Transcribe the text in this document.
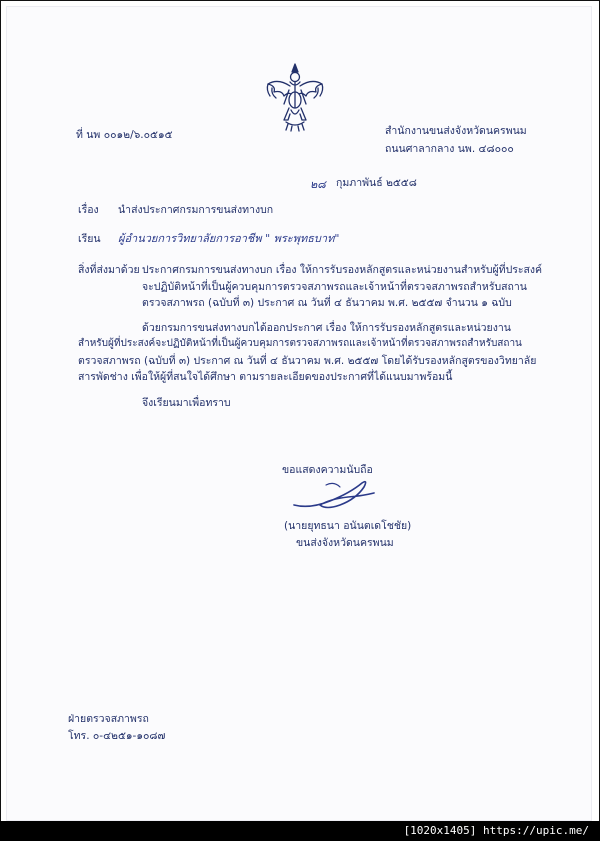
ที่ นพ ๐๐๑๒/๖.๐๕๑๕	สำนักงานขนส่งจังหวัดนครพนม
ถนนศาลากลาง นพ. ๔๘๐๐๐
๒๘ กุมภาพันธ์ ๒๕๕๘
เรื่อง นำส่งประกาศกรมการขนส่งทางบก
เรียน ผู้อำนวยการวิทยาลัยการอาชีพ " พระพุทธบาท"
สิ่งที่ส่งมาด้วย ประกาศกรมการขนส่งทางบก เรื่อง ให้การรับรองหลักสูตรและหน่วยงานสำหรับผู้ที่ประสงค์
จะปฏิบัติหน้าที่เป็นผู้ควบคุมการตรวจสภาพรถและเจ้าหน้าที่ตรวจสภาพรถสำหรับสถาน
ตรวจสภาพรถ (ฉบับที่ ๓) ประกาศ ณ วันที่ ๔ ธันวาคม พ.ศ. ๒๕๕๗ จำนวน ๑ ฉบับ
ด้วยกรมการขนส่งทางบกได้ออกประกาศ เรื่อง ให้การรับรองหลักสูตรและหน่วยงาน
สำหรับผู้ที่ประสงค์จะปฏิบัติหน้าที่เป็นผู้ควบคุมการตรวจสภาพรถและเจ้าหน้าที่ตรวจสภาพรถสำหรับสถาน
ตรวจสภาพรถ (ฉบับที่ ๓) ประกาศ ณ วันที่ ๔ ธันวาคม พ.ศ. ๒๕๕๗ โดยได้รับรองหลักสูตรของวิทยาลัย
สารพัดช่าง เพื่อให้ผู้ที่สนใจได้ศึกษา ตามรายละเอียดของประกาศที่ได้แนบมาพร้อมนี้
จึงเรียนมาเพื่อทราบ
ขอแสดงความนับถือ
(นายยุทธนา อนันตเดโชชัย)
ขนส่งจังหวัดนครพนม
ฝ่ายตรวจสภาพรถ
โทร. ๐-๔๒๕๑-๑๐๘๗
[1020x1405] https://upic.me/
